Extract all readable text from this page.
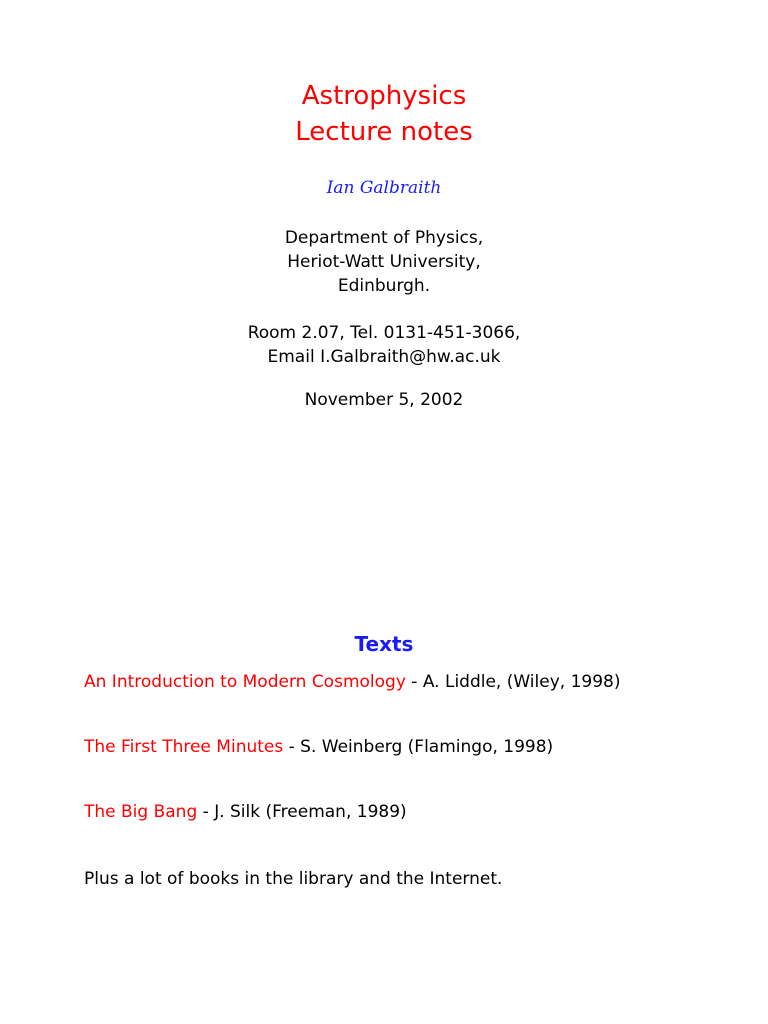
Astrophysics
Lecture notes
Ian Galbraith
Department of Physics,
Heriot-Watt University,
Edinburgh.
Room 2.07, Tel. 0131-451-3066,
Email I.Galbraith@hw.ac.uk
November 5, 2002
Texts
An Introduction to Modern Cosmology - A. Liddle, (Wiley, 1998)
The First Three Minutes - S. Weinberg (Flamingo, 1998)
The Big Bang - J. Silk (Freeman, 1989)
Plus a lot of books in the library and the Internet.
